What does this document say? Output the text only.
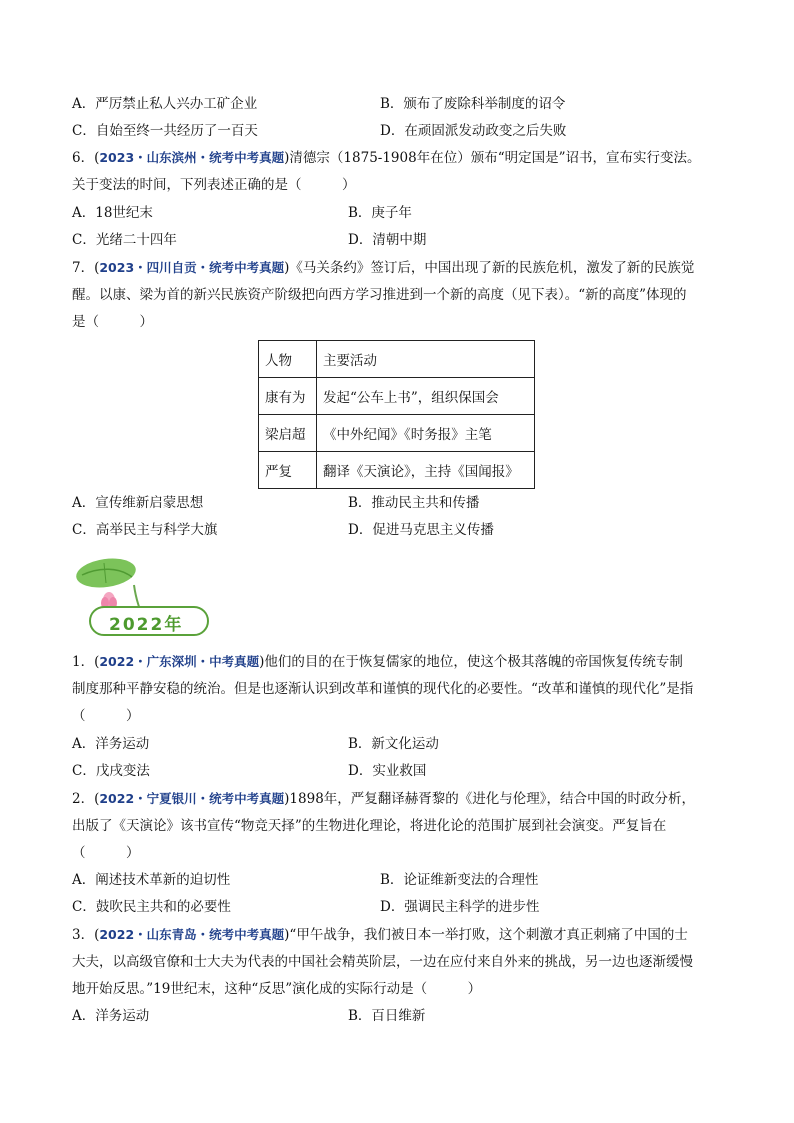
A．严厉禁止私人兴办工矿企业	B．颁布了废除科举制度的诏令
C．自始至终一共经历了一百天	D．在顽固派发动政变之后失败
6．(2023・山东滨州・统考中考真题)清德宗（1875-1908年在位）颁布“明定国是”诏书，宣布实行变法。
关于变法的时间，下列表述正确的是（　　　）
A．18世纪末	B．庚子年
C．光绪二十四年	D．清朝中期
7．(2023・四川自贡・统考中考真题)《马关条约》签订后，中国出现了新的民族危机，激发了新的民族觉
醒。以康、梁为首的新兴民族资产阶级把向西方学习推进到一个新的高度（见下表）。“新的高度”体现的
是（　　　）
人物	主要活动
康有为	发起“公车上书”，组织保国会
梁启超	《中外纪闻》《时务报》主笔
严复	翻译《天演论》，主持《国闻报》
A．宣传维新启蒙思想	B．推动民主共和传播
C．高举民主与科学大旗	D．促进马克思主义传播
2022年
1．(2022・广东深圳・中考真题)他们的目的在于恢复儒家的地位，使这个极其落魄的帝国恢复传统专制
制度那种平静安稳的统治。但是也逐渐认识到改革和谨慎的现代化的必要性。“改革和谨慎的现代化”是指
（　　　）
A．洋务运动	B．新文化运动
C．戊戌变法	D．实业救国
2．(2022・宁夏银川・统考中考真题)1898年，严复翻译赫胥黎的《进化与伦理》，结合中国的时政分析，
出版了《天演论》该书宣传“物竞天择”的生物进化理论，将进化论的范围扩展到社会演变。严复旨在
（　　　）
A．阐述技术革新的迫切性	B．论证维新变法的合理性
C．鼓吹民主共和的必要性	D．强调民主科学的进步性
3．(2022・山东青岛・统考中考真题)“甲午战争，我们被日本一举打败，这个刺激才真正刺痛了中国的士
大夫，以高级官僚和士大夫为代表的中国社会精英阶层，一边在应付来自外来的挑战，另一边也逐渐缓慢
地开始反思。”19世纪末，这种“反思”演化成的实际行动是（　　　）
A．洋务运动	B．百日维新
